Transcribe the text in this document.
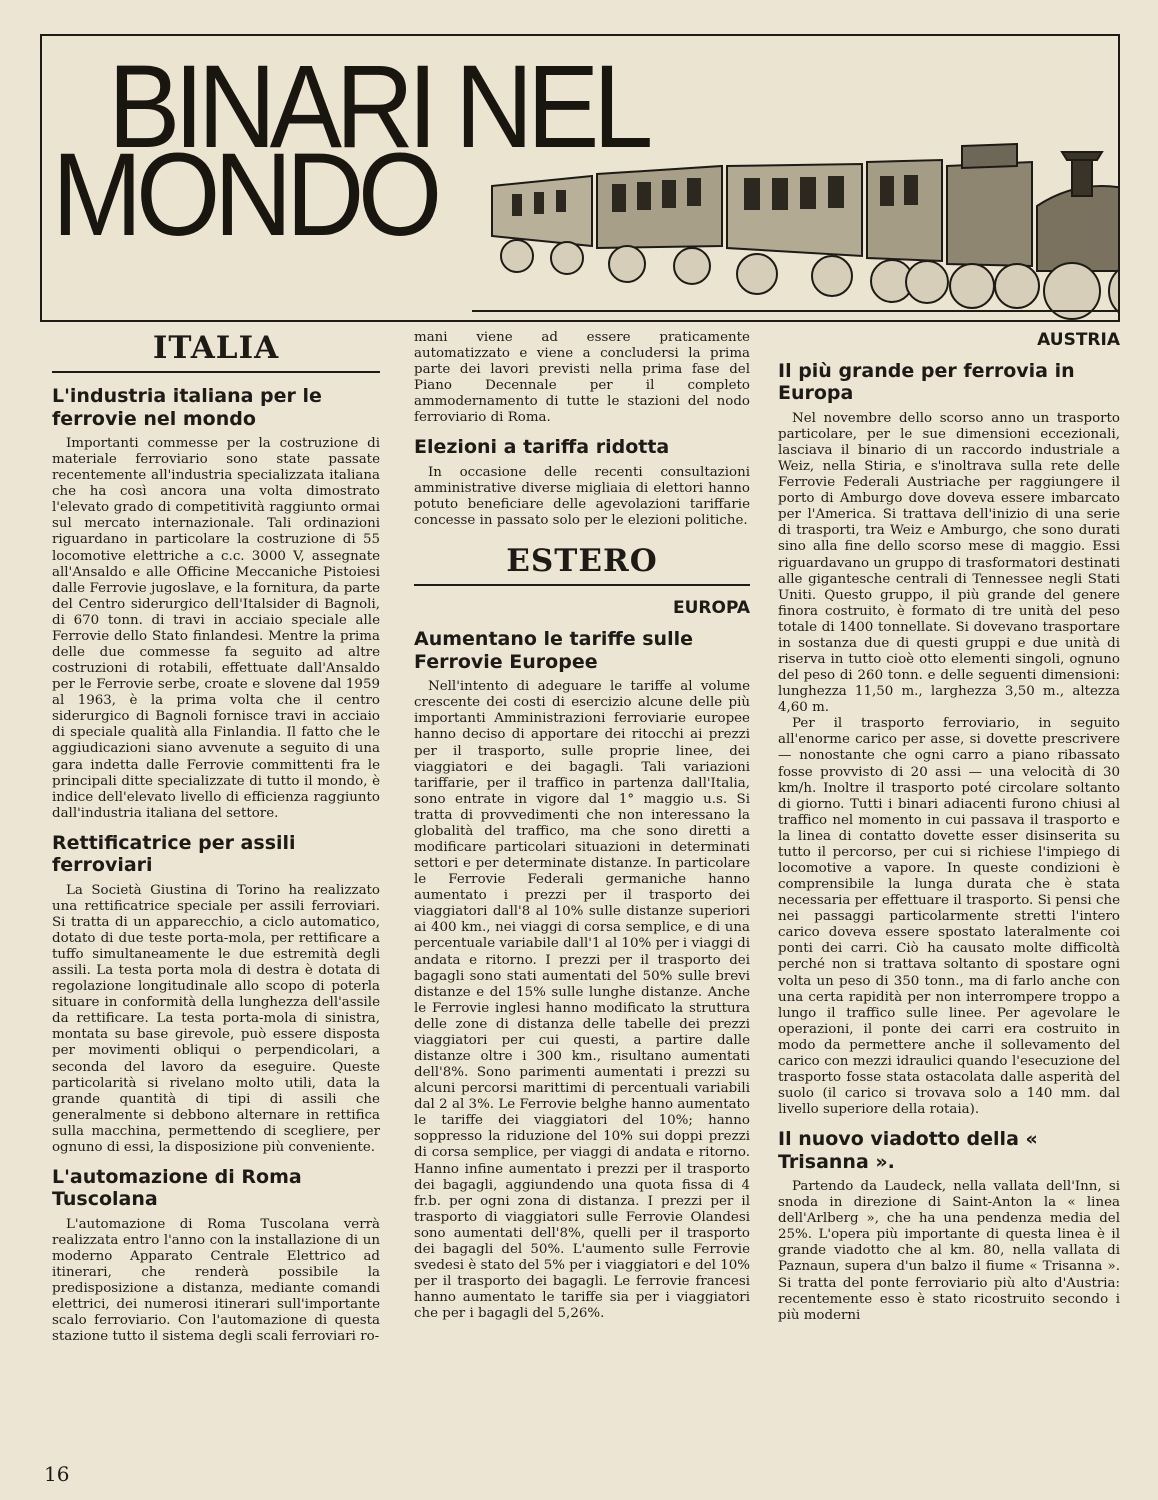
BINARI NEL
MONDO
ITALIA
L'industria italiana per le ferrovie nel mondo

Importanti commesse per la costruzione di materiale ferroviario sono state passate recentemente all'industria specializzata italiana che ha così ancora una volta dimostrato l'elevato grado di competitività raggiunto ormai sul mercato internazionale. Tali ordinazioni riguardano in particolare la costruzione di 55 locomotive elettriche a c.c. 3000 V, assegnate all'Ansaldo e alle Officine Meccaniche Pistoiesi dalle Ferrovie jugoslave, e la fornitura, da parte del Centro siderurgico dell'Italsider di Bagnoli, di 670 tonn. di travi in acciaio speciale alle Ferrovie dello Stato finlandesi. Mentre la prima delle due commesse fa seguito ad altre costruzioni di rotabili, effettuate dall'Ansaldo per le Ferrovie serbe, croate e slovene dal 1959 al 1963, è la prima volta che il centro siderurgico di Bagnoli fornisce travi in acciaio di speciale qualità alla Finlandia. Il fatto che le aggiudicazioni siano avvenute a seguito di una gara indetta dalle Ferrovie committenti fra le principali ditte specializzate di tutto il mondo, è indice dell'elevato livello di efficienza raggiunto dall'industria italiana del settore.

Rettificatrice per assili ferroviari

La Società Giustina di Torino ha realizzato una rettificatrice speciale per assili ferroviari. Si tratta di un apparecchio, a ciclo automatico, dotato di due teste porta-mola, per rettificare a tuffo simultaneamente le due estremità degli assili. La testa porta mola di destra è dotata di regolazione longitudinale allo scopo di poterla situare in conformità della lunghezza dell'assile da rettificare. La testa porta-mola di sinistra, montata su base girevole, può essere disposta per movimenti obliqui o perpendicolari, a seconda del lavoro da eseguire. Queste particolarità si rivelano molto utili, data la grande quantità di tipi di assili che generalmente si debbono alternare in rettifica sulla macchina, permettendo di scegliere, per ognuno di essi, la disposizione più conveniente.

L'automazione di Roma Tuscolana

L'automazione di Roma Tuscolana verrà realizzata entro l'anno con la installazione di un moderno Apparato Centrale Elettrico ad itinerari, che renderà possibile la predisposizione a distanza, mediante comandi elettrici, dei numerosi itinerari sull'importante scalo ferroviario. Con l'automazione di questa stazione tutto il sistema degli scali ferroviari ro-

mani viene ad essere praticamente automatizzato e viene a concludersi la prima parte dei lavori previsti nella prima fase del Piano Decennale per il completo ammodernamento di tutte le stazioni del nodo ferroviario di Roma.

Elezioni a tariffa ridotta

In occasione delle recenti consultazioni amministrative diverse migliaia di elettori hanno potuto beneficiare delle agevolazioni tariffarie concesse in passato solo per le elezioni politiche.

ESTERO
EUROPA
Aumentano le tariffe sulle Ferrovie Europee

Nell'intento di adeguare le tariffe al volume crescente dei costi di esercizio alcune delle più importanti Amministrazioni ferroviarie europee hanno deciso di apportare dei ritocchi ai prezzi per il trasporto, sulle proprie linee, dei viaggiatori e dei bagagli. Tali variazioni tariffarie, per il traffico in partenza dall'Italia, sono entrate in vigore dal 1° maggio u.s. Si tratta di provvedimenti che non interessano la globalità del traffico, ma che sono diretti a modificare particolari situazioni in determinati settori e per determinate distanze. In particolare le Ferrovie Federali germaniche hanno aumentato i prezzi per il trasporto dei viaggiatori dall'8 al 10% sulle distanze superiori ai 400 km., nei viaggi di corsa semplice, e di una percentuale variabile dall'1 al 10% per i viaggi di andata e ritorno. I prezzi per il trasporto dei bagagli sono stati aumentati del 50% sulle brevi distanze e del 15% sulle lunghe distanze. Anche le Ferrovie inglesi hanno modificato la struttura delle zone di distanza delle tabelle dei prezzi viaggiatori per cui questi, a partire dalle distanze oltre i 300 km., risultano aumentati dell'8%. Sono parimenti aumentati i prezzi su alcuni percorsi marittimi di percentuali variabili dal 2 al 3%. Le Ferrovie belghe hanno aumentato le tariffe dei viaggiatori del 10%; hanno soppresso la riduzione del 10% sui doppi prezzi di corsa semplice, per viaggi di andata e ritorno. Hanno infine aumentato i prezzi per il trasporto dei bagagli, aggiundendo una quota fissa di 4 fr.b. per ogni zona di distanza. I prezzi per il trasporto di viaggiatori sulle Ferrovie Olandesi sono aumentati dell'8%, quelli per il trasporto dei bagagli del 50%. L'aumento sulle Ferrovie svedesi è stato del 5% per i viaggiatori e del 10% per il trasporto dei bagagli. Le ferrovie francesi hanno aumentato le tariffe sia per i viaggiatori che per i bagagli del 5,26%.

AUSTRIA
Il più grande per ferrovia in Europa

Nel novembre dello scorso anno un trasporto particolare, per le sue dimensioni eccezionali, lasciava il binario di un raccordo industriale a Weiz, nella Stiria, e s'inoltrava sulla rete delle Ferrovie Federali Austriache per raggiungere il porto di Amburgo dove doveva essere imbarcato per l'America. Si trattava dell'inizio di una serie di trasporti, tra Weiz e Amburgo, che sono durati sino alla fine dello scorso mese di maggio. Essi riguardavano un gruppo di trasformatori destinati alle gigantesche centrali di Tennessee negli Stati Uniti. Questo gruppo, il più grande del genere finora costruito, è formato di tre unità del peso totale di 1400 tonnellate. Si dovevano trasportare in sostanza due di questi gruppi e due unità di riserva in tutto cioè otto elementi singoli, ognuno del peso di 260 tonn. e delle seguenti dimensioni: lunghezza 11,50 m., larghezza 3,50 m., altezza 4,60 m.

Per il trasporto ferroviario, in seguito all'enorme carico per asse, si dovette prescrivere — nonostante che ogni carro a piano ribassato fosse provvisto di 20 assi — una velocità di 30 km/h. Inoltre il trasporto poté circolare soltanto di giorno. Tutti i binari adiacenti furono chiusi al traffico nel momento in cui passava il trasporto e la linea di contatto dovette esser disinserita su tutto il percorso, per cui si richiese l'impiego di locomotive a vapore. In queste condizioni è comprensibile la lunga durata che è stata necessaria per effettuare il trasporto. Si pensi che nei passaggi particolarmente stretti l'intero carico doveva essere spostato lateralmente coi ponti dei carri. Ciò ha causato molte difficoltà perché non si trattava soltanto di spostare ogni volta un peso di 350 tonn., ma di farlo anche con una certa rapidità per non interrompere troppo a lungo il traffico sulle linee. Per agevolare le operazioni, il ponte dei carri era costruito in modo da permettere anche il sollevamento del carico con mezzi idraulici quando l'esecuzione del trasporto fosse stata ostacolata dalle asperità del suolo (il carico si trovava solo a 140 mm. dal livello superiore della rotaia).

Il nuovo viadotto della « Trisanna ».

Partendo da Laudeck, nella vallata dell'Inn, si snoda in direzione di Saint-Anton la « linea dell'Arlberg », che ha una pendenza media del 25%. L'opera più importante di questa linea è il grande viadotto che al km. 80, nella vallata di Paznaun, supera d'un balzo il fiume « Trisanna ». Si tratta del ponte ferroviario più alto d'Austria: recentemente esso è stato ricostruito secondo i più moderni

16
